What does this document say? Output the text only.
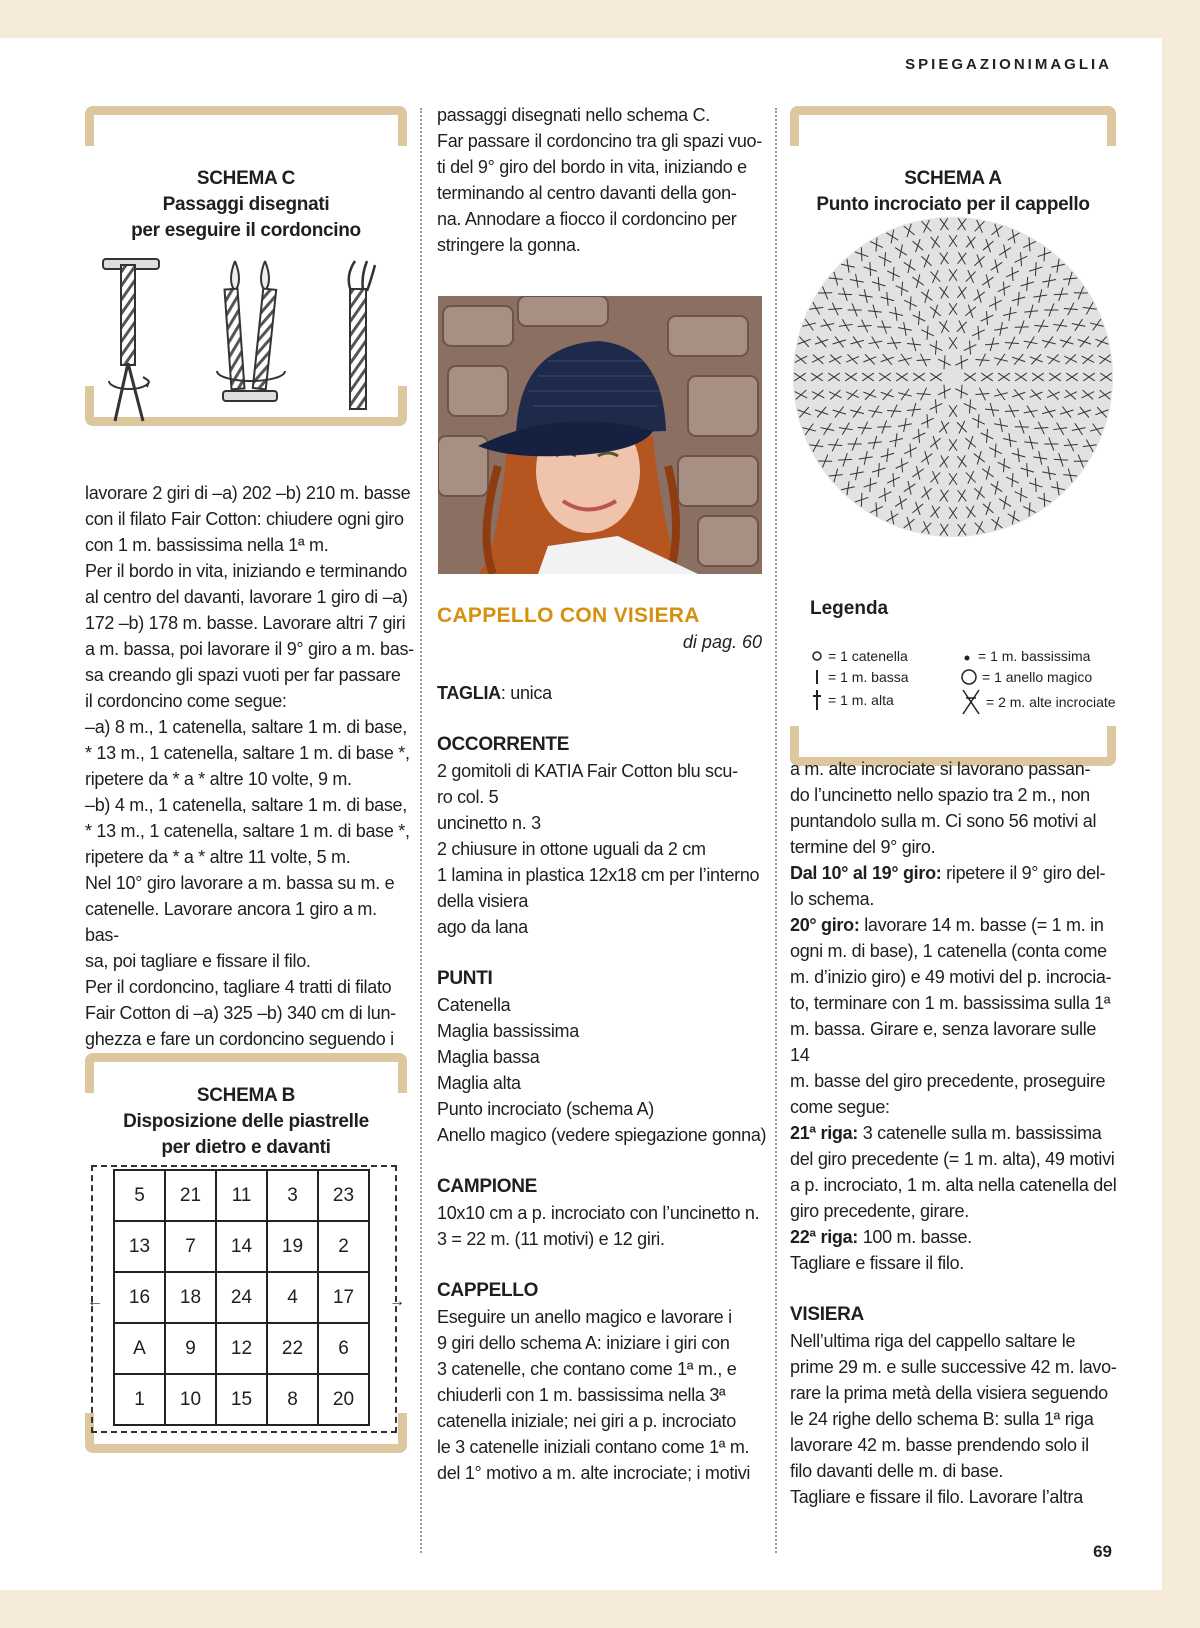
SPIEGAZIONIMAGLIA
SCHEMA C
Passaggi disegnati
per eseguire il cordoncino

lavorare 2 giri di –a) 202 –b) 210 m. basse

con il filato Fair Cotton: chiudere ogni giro

con 1 m. bassissima nella 1ª m.

Per il bordo in vita, iniziando e terminando

al centro del davanti, lavorare 1 giro di –a)

172 –b) 178 m. basse. Lavorare altri 7 giri

a m. bassa, poi lavorare il 9° giro a m. bas-

sa creando gli spazi vuoti per far passare

il cordoncino come segue:

–a) 8 m., 1 catenella, saltare 1 m. di base,

* 13 m., 1 catenella, saltare 1 m. di base *,

ripetere da * a * altre 10 volte, 9 m.

–b) 4 m., 1 catenella, saltare 1 m. di base,

* 13 m., 1 catenella, saltare 1 m. di base *,

ripetere da * a * altre 11 volte, 5 m.

Nel 10° giro lavorare a m. bassa su m. e

catenelle. Lavorare ancora 1 giro a m. bas-

sa, poi tagliare e fissare il filo.

Per il cordoncino, tagliare 4 tratti di filato

Fair Cotton di –a) 325 –b) 340 cm di lun-

ghezza e fare un cordoncino seguendo i

SCHEMA B
Disposizione delle piastrelle
per dietro e davanti
←	→
5	21	11	3	23
13	7	14	19	2
16	18	24	4	17
A	9	12	22	6
1	10	15	8	20

passaggi disegnati nello schema C.

Far passare il cordoncino tra gli spazi vuo-

ti del 9° giro del bordo in vita, iniziando e

terminando al centro davanti della gon-

na. Annodare a fiocco il cordoncino per

stringere la gonna.

CAPPELLO CON VISIERA
di pag. 60

TAGLIA: unica

OCCORRENTE

2 gomitoli di KATIA Fair Cotton blu scu-

ro col. 5

uncinetto n. 3

2 chiusure in ottone uguali da 2 cm

1 lamina in plastica 12x18 cm per l’interno

della visiera

ago da lana

PUNTI

Catenella

Maglia bassissima

Maglia bassa

Maglia alta

Punto incrociato (schema A)

Anello magico (vedere spiegazione gonna)

CAMPIONE

10x10 cm a p. incrociato con l’uncinetto n.

3 = 22 m. (11 motivi) e 12 giri.

CAPPELLO

Eseguire un anello magico e lavorare i

9 giri dello schema A: iniziare i giri con

3 catenelle, che contano come 1ª m., e

chiuderli con 1 m. bassissima nella 3ª

catenella iniziale; nei giri a p. incrociato

le 3 catenelle iniziali contano come 1ª m.

del 1° motivo a m. alte incrociate; i motivi

SCHEMA A
Punto incrociato per il cappello
Legenda
= 1 catenella	= 1 m. bassissima
= 1 m. bassa	= 1 anello magico
= 1 m. alta	= 2 m. alte incrociate

a m. alte incrociate si lavorano passan-

do l’uncinetto nello spazio tra 2 m., non

puntandolo sulla m. Ci sono 56 motivi al

termine del 9° giro.

Dal 10° al 19° giro: ripetere il 9° giro del-

lo schema.

20° giro: lavorare 14 m. basse (= 1 m. in

ogni m. di base), 1 catenella (conta come

m. d’inizio giro) e 49 motivi del p. incrocia-

to, terminare con 1 m. bassissima sulla 1ª

m. bassa. Girare e, senza lavorare sulle 14

m. basse del giro precedente, proseguire

come segue:

21ª riga: 3 catenelle sulla m. bassissima

del giro precedente (= 1 m. alta), 49 motivi

a p. incrociato, 1 m. alta nella catenella del

giro precedente, girare.

22ª riga: 100 m. basse.

Tagliare e fissare il filo.

VISIERA

Nell’ultima riga del cappello saltare le

prime 29 m. e sulle successive 42 m. lavo-

rare la prima metà della visiera seguendo

le 24 righe dello schema B: sulla 1ª riga

lavorare 42 m. basse prendendo solo il

filo davanti delle m. di base.

Tagliare e fissare il filo. Lavorare l’altra

69
